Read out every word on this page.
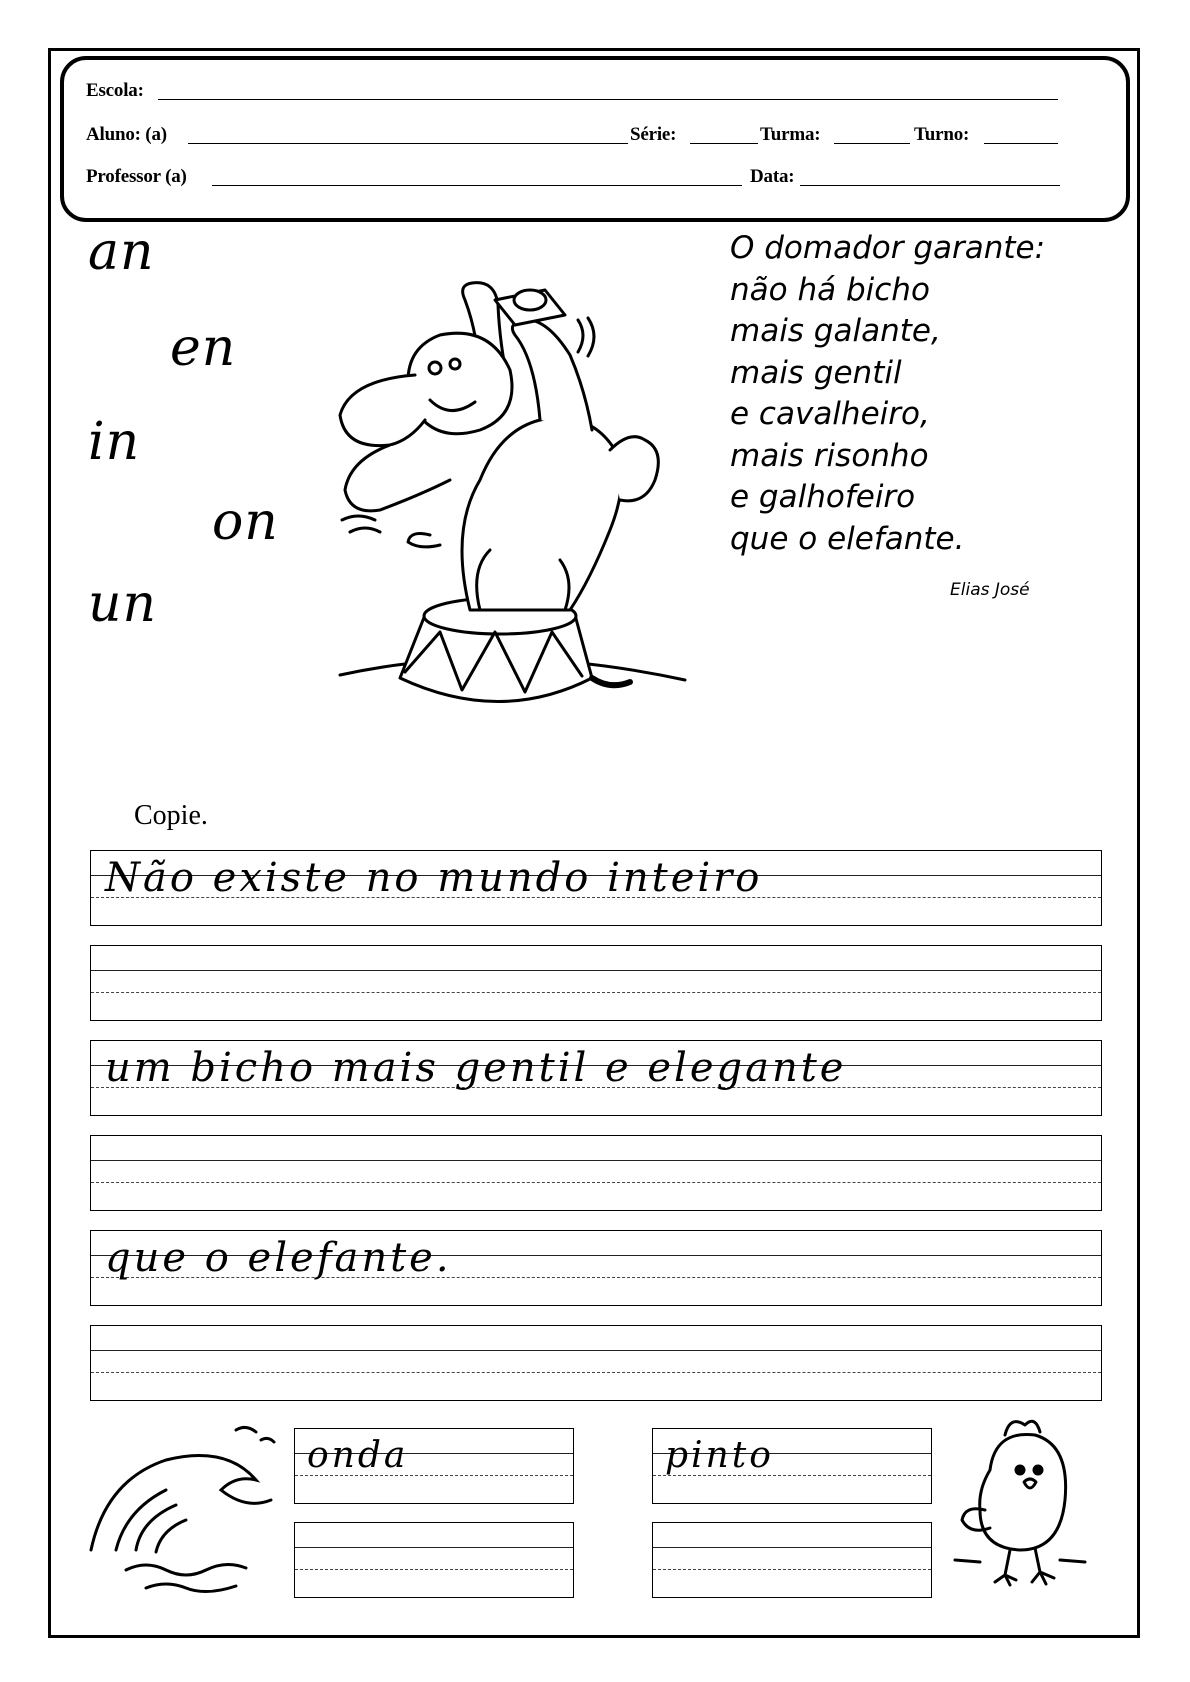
Escola:
Aluno: (a)	Série:	Turma:	Turno:
Professor (a)	Data:
an
en
in
on
un
O domador garante:
não há bicho
mais galante,
mais gentil
e cavalheiro,
mais risonho
e galhofeiro
que o elefante.
Elias José
Copie.
Não existe no mundo inteiro
um bicho mais gentil e elegante
que o elefante.
onda	pinto
